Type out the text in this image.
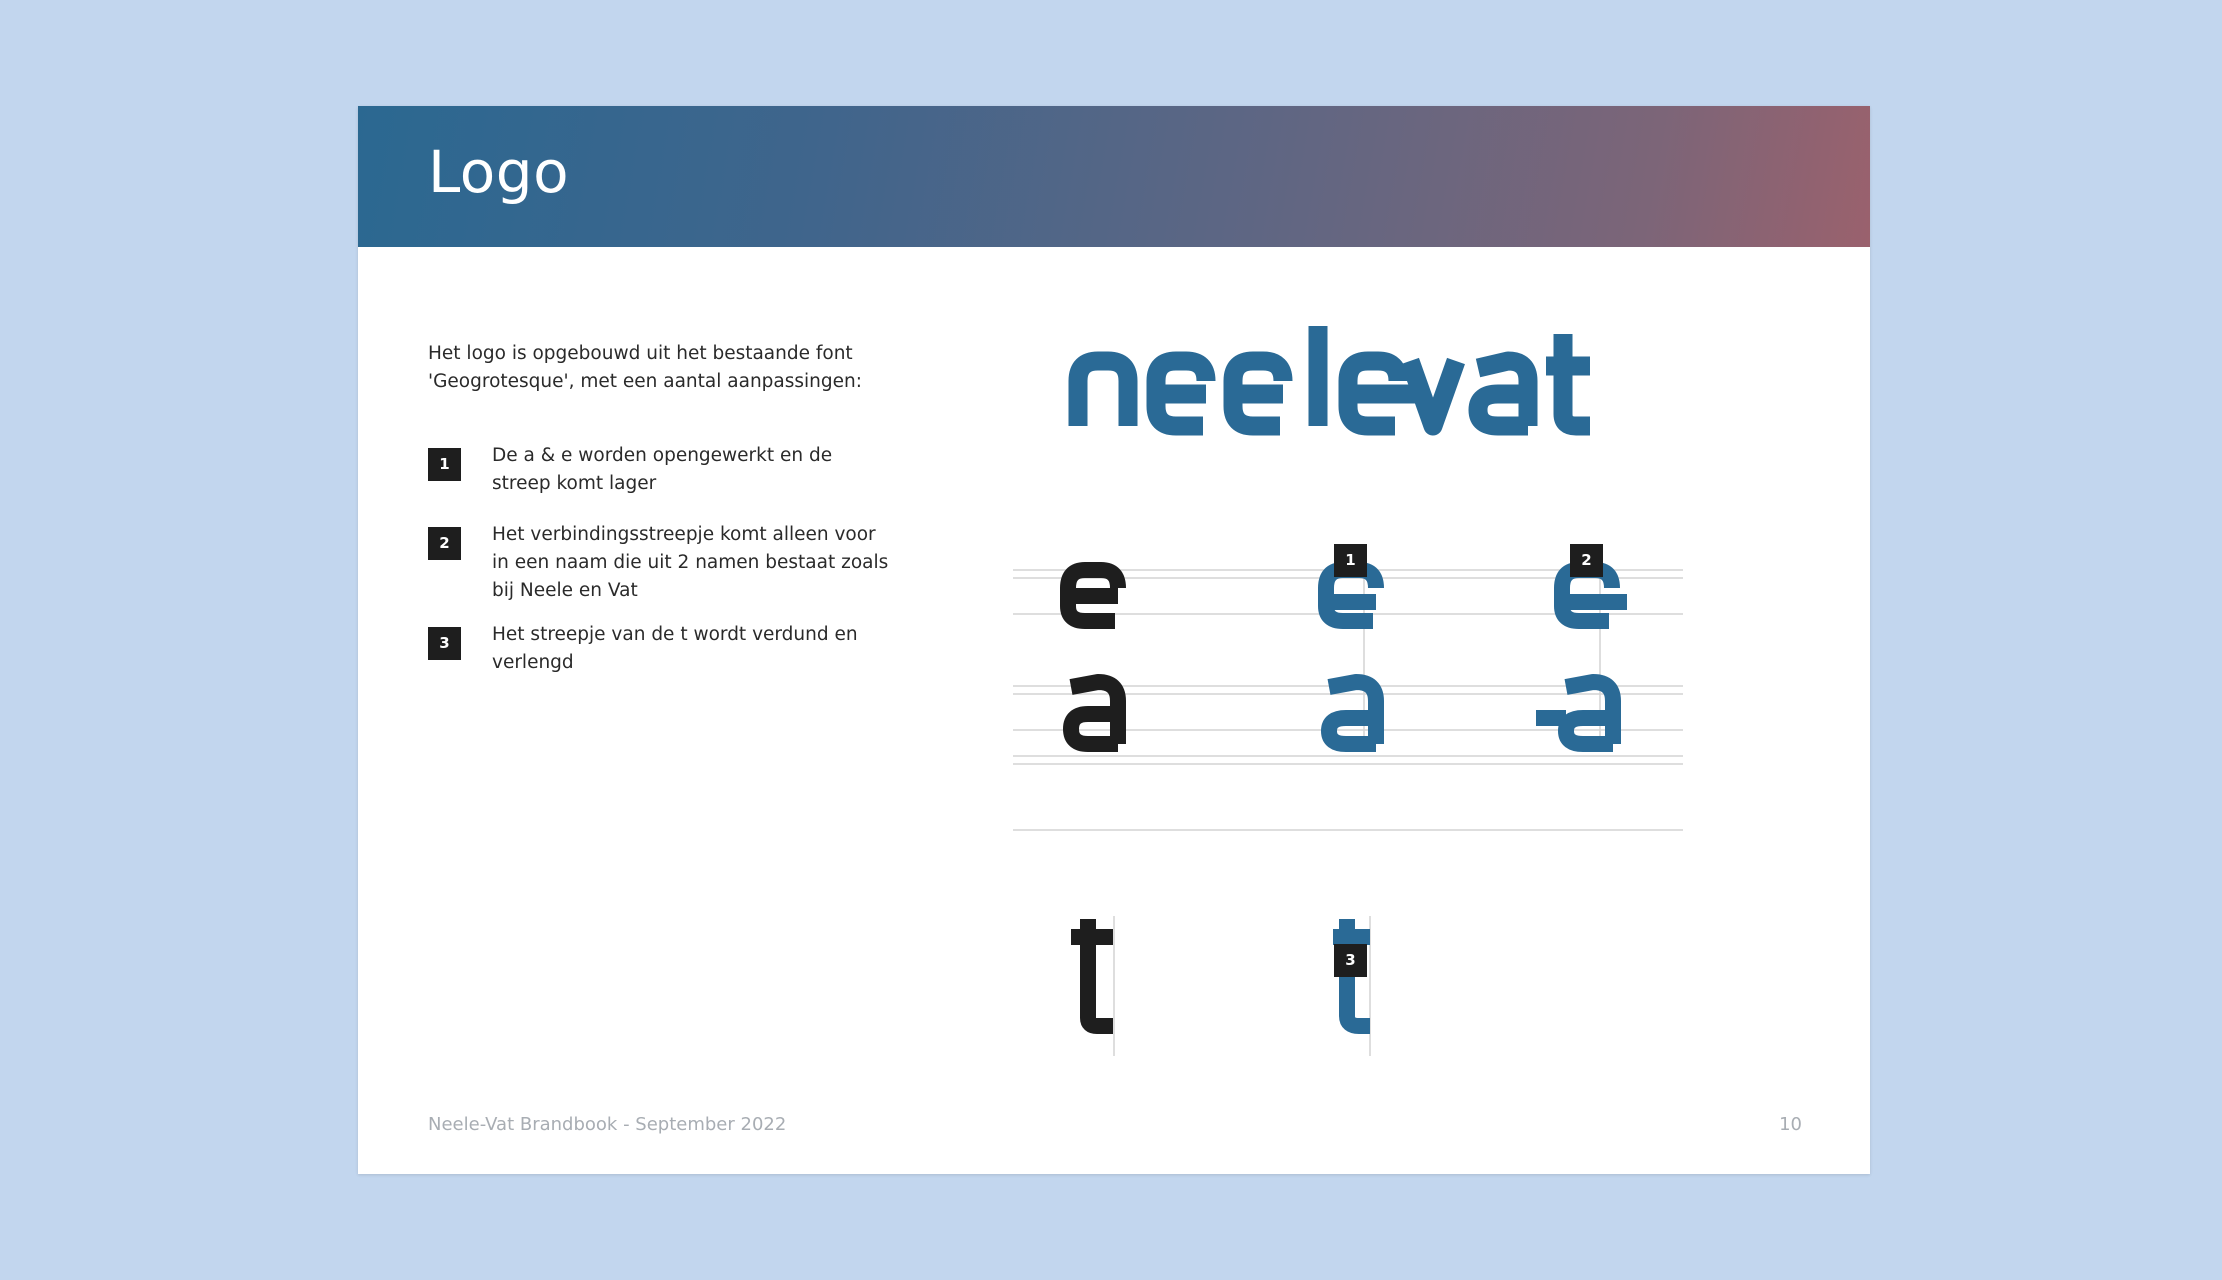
Logo
Het logo is opgebouwd uit het bestaande font 'Geogrotesque', met een aantal aanpassingen:
1	De a & e worden opengewerkt en de streep komt lager
2	Het verbindingsstreepje komt alleen voor in een naam die uit 2 namen bestaat zoals bij Neele en Vat
3	Het streepje van de t wordt verdund en verlengd
1	2
3
Neele-Vat Brandbook - September 2022	10
